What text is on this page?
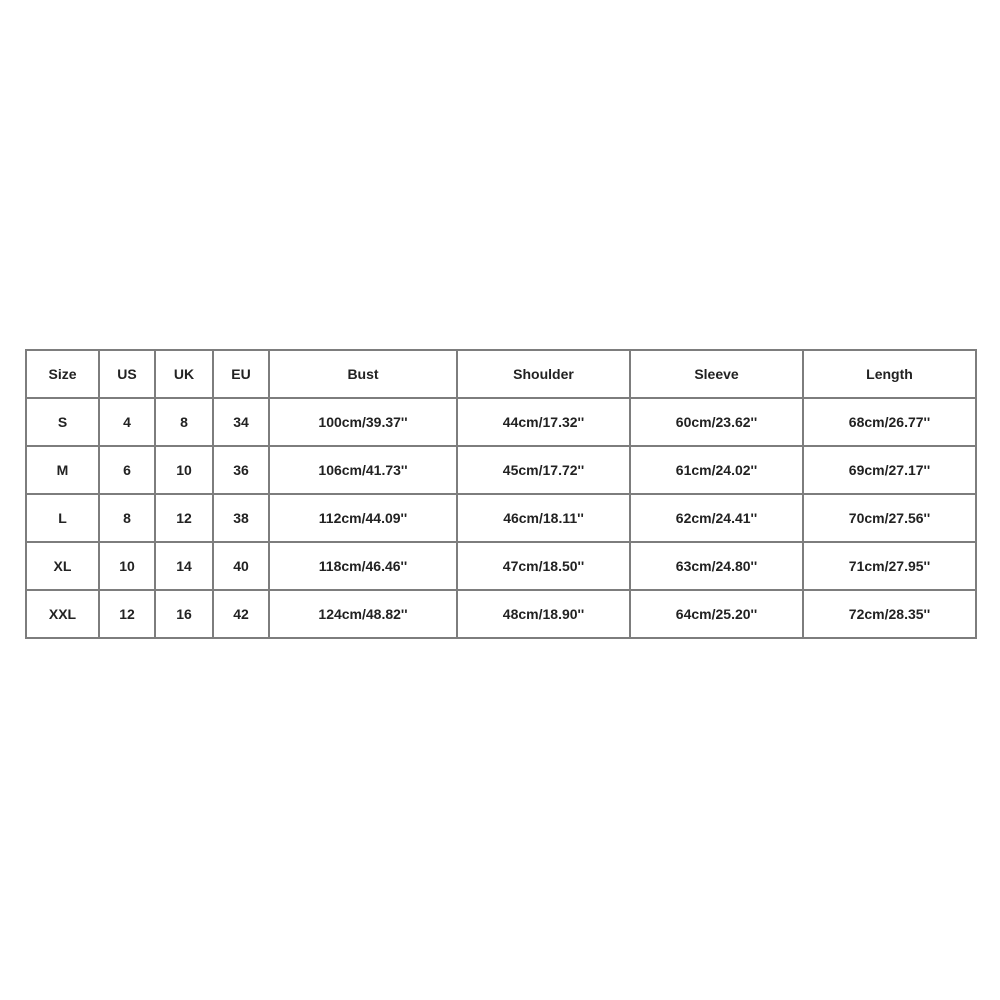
Size	US	UK	EU	Bust	Shoulder	Sleeve	Length
S	4	8	34	100cm/39.37''	44cm/17.32''	60cm/23.62''	68cm/26.77''
M	6	10	36	106cm/41.73''	45cm/17.72''	61cm/24.02''	69cm/27.17''
L	8	12	38	112cm/44.09''	46cm/18.11''	62cm/24.41''	70cm/27.56''
XL	10	14	40	118cm/46.46''	47cm/18.50''	63cm/24.80''	71cm/27.95''
XXL	12	16	42	124cm/48.82''	48cm/18.90''	64cm/25.20''	72cm/28.35''
